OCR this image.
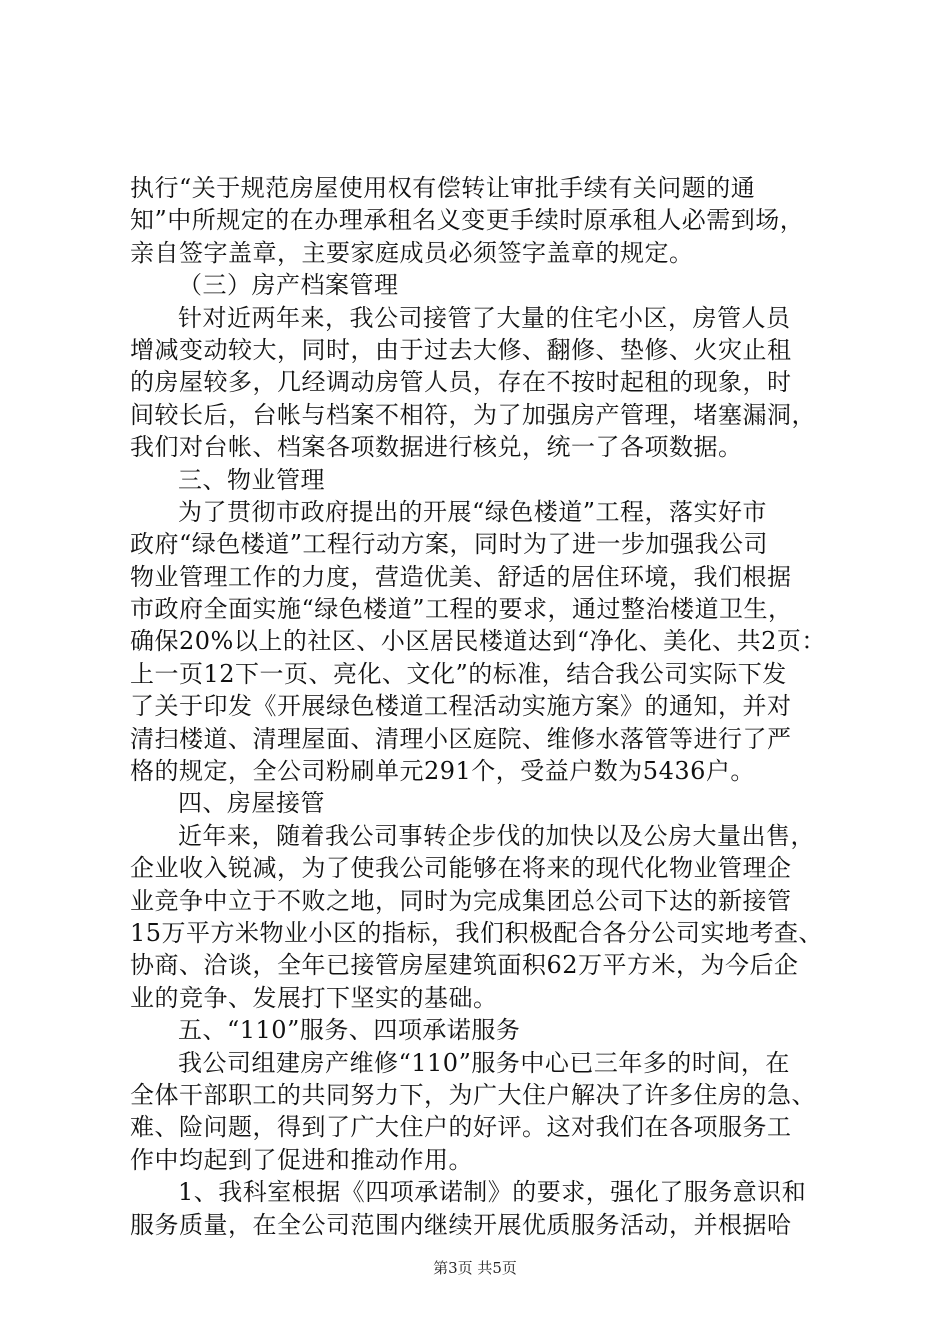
执行“关于规范房屋使用权有偿转让审批手续有关问题的通
知”中所规定的在办理承租名义变更手续时原承租人必需到场，
亲自签字盖章，主要家庭成员必须签字盖章的规定。
（三）房产档案管理
针对近两年来，我公司接管了大量的住宅小区，房管人员
增减变动较大，同时，由于过去大修、翻修、垫修、火灾止租
的房屋较多，几经调动房管人员，存在不按时起租的现象，时
间较长后，台帐与档案不相符，为了加强房产管理，堵塞漏洞，
我们对台帐、档案各项数据进行核兑，统一了各项数据。
三、物业管理
为了贯彻市政府提出的开展“绿色楼道”工程，落实好市
政府“绿色楼道”工程行动方案，同时为了进一步加强我公司
物业管理工作的力度，营造优美、舒适的居住环境，我们根据
市政府全面实施“绿色楼道”工程的要求，通过整治楼道卫生，
确保20%以上的社区、小区居民楼道达到“净化、美化、共2页：
上一页12下一页、亮化、文化”的标准，结合我公司实际下发
了关于印发《开展绿色楼道工程活动实施方案》的通知，并对
清扫楼道、清理屋面、清理小区庭院、维修水落管等进行了严
格的规定，全公司粉刷单元291个，受益户数为5436户。
四、房屋接管
近年来，随着我公司事转企步伐的加快以及公房大量出售，
企业收入锐减，为了使我公司能够在将来的现代化物业管理企
业竞争中立于不败之地，同时为完成集团总公司下达的新接管
15万平方米物业小区的指标，我们积极配合各分公司实地考查、
协商、洽谈，全年已接管房屋建筑面积62万平方米，为今后企
业的竞争、发展打下坚实的基础。
五、“110”服务、四项承诺服务
我公司组建房产维修“110”服务中心已三年多的时间，在
全体干部职工的共同努力下，为广大住户解决了许多住房的急、
难、险问题，得到了广大住户的好评。这对我们在各项服务工
作中均起到了促进和推动作用。
1、我科室根据《四项承诺制》的要求，强化了服务意识和
服务质量，在全公司范围内继续开展优质服务活动，并根据哈
第3页 共5页
